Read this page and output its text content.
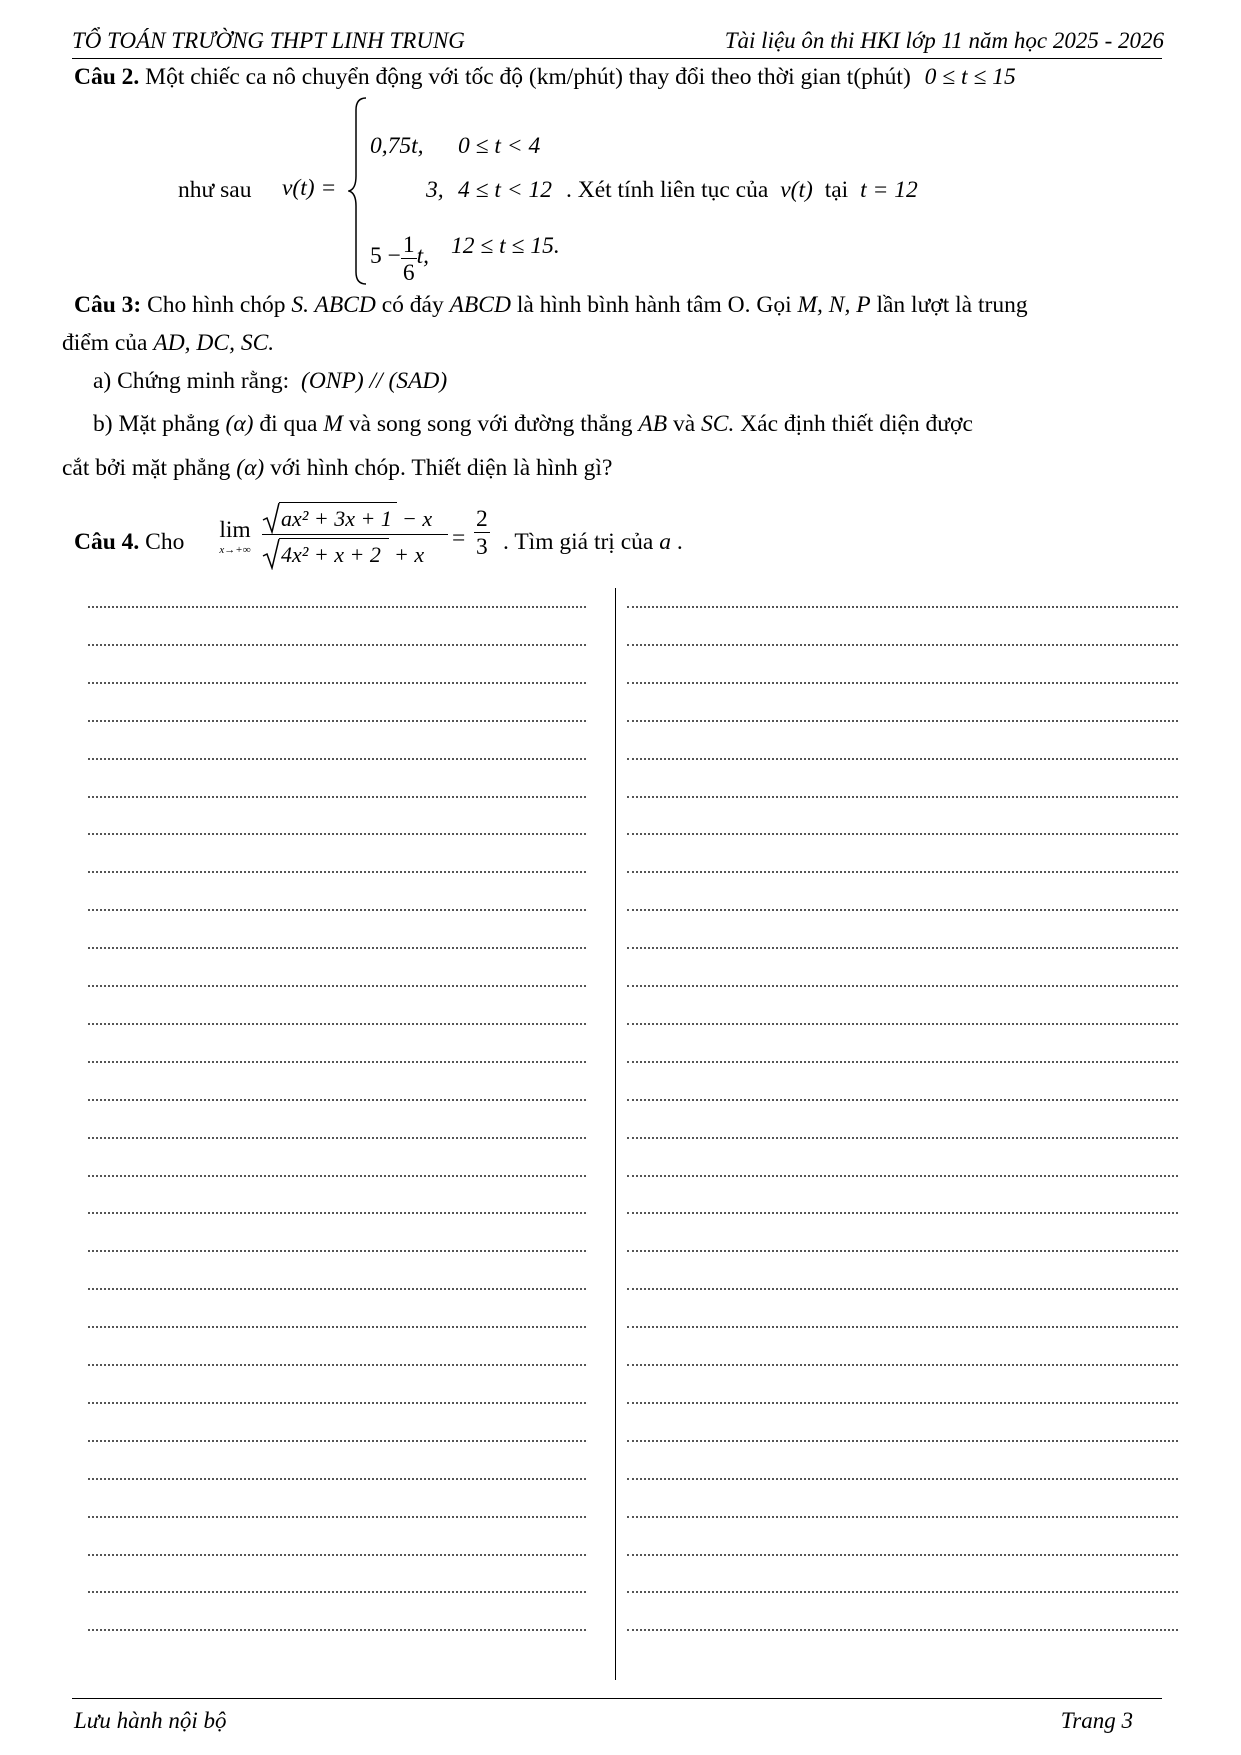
TỔ TOÁN TRƯỜNG THPT LINH TRUNG	Tài liệu ôn thi HKI lớp 11 năm học 2025 - 2026
Câu 2. Một chiếc ca nô chuyển động với tốc độ (km/phút) thay đổi theo thời gian t(phút) 0 ≤ t ≤ 15
như sau v(t) =
0,75t, 0 ≤ t < 4
3, 4 ≤ t < 12
$5 - \frac{1}{6} t$, 12 ≤ t ≤ 15.
. Xét tính liên tục của v(t) tại t = 12
Câu 3: Cho hình chóp S. ABCD có đáy ABCD là hình bình hành tâm O. Gọi M, N, P lần lượt là trung
điểm của AD, DC, SC.
a) Chứng minh rằng: (ONP) // (SAD)
b) Mặt phẳng (α) đi qua M và song song với đường thẳng AB và SC. Xác định thiết diện được
cắt bởi mặt phẳng (α) với hình chóp. Thiết diện là hình gì?
Câu 4. Cho	lim
x→+∞
ax² + 3x + 1 − x
4x² + x + 2 + x
= $\frac{2}{3}$ . Tìm giá trị của a .
Lưu hành nội bộ	Trang 3
